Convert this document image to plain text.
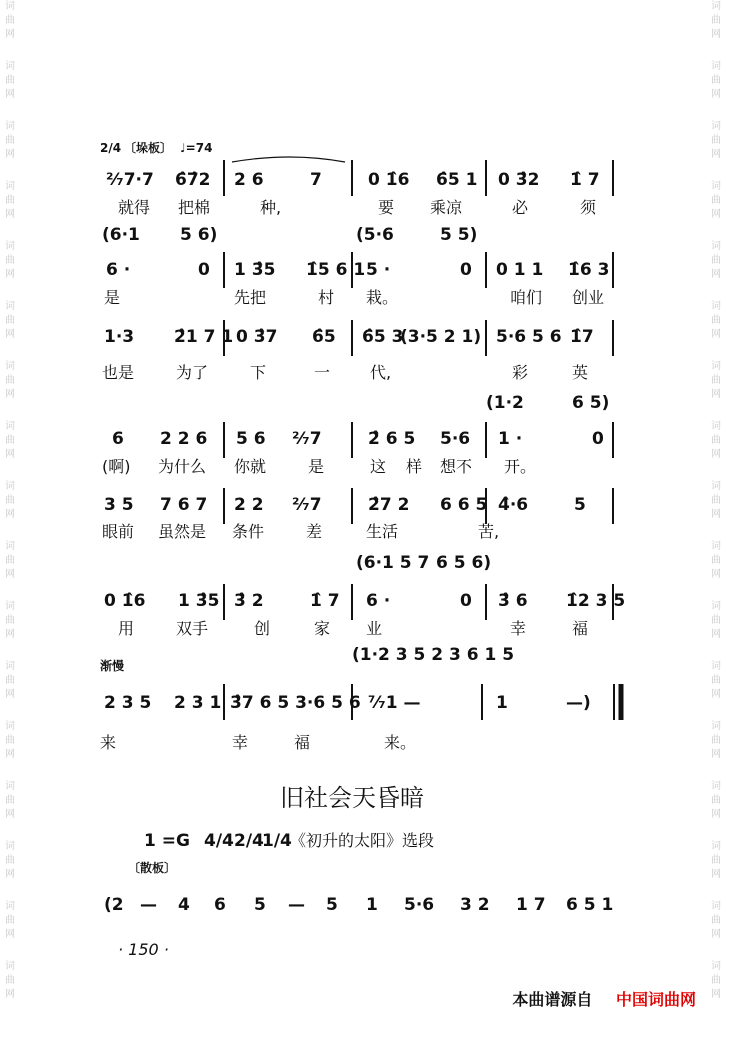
词
曲
网
词
曲
网
词
曲
网
词
曲
网
词
曲
网
词
曲
网
词
曲
网
词
曲
网
词
曲
网
词
曲
网
词
曲
网
词
曲
网
词
曲
网
词
曲
网
词
曲
网
词
曲
网
词
曲
网
词
曲
网
词
曲
网
词
曲
网
词
曲
网
词
曲
网
词
曲
网
词
曲
网
词
曲
网
词
曲
网
词
曲
网
词
曲
网
词
曲
网
词
曲
网
词
曲
网
词
曲
网
词
曲
网
词
曲
网
2/4 〔垛板〕 ♩=74
²⁄₇7·7 6̂7̂2 2 6	7	0 1̂6 6̂5 1 0 3̂2 1̂ 7
就得 把棉	种,	要 乘凉	必	须
(6·1 5 6)	(5·6	5 5)
6 ·	0 1 3̂5 1̂5 6 1 5 ·	0 0 1 1 1̂6 3
是	先把	村 栽。	咱们 创业
1·3 2̂1 7 1 0 3̂7 6̂5 6̂5 3
(3·5 2 1) 5·6 5 6 1̂7
也是	为了	下	一 代,	彩	英
(1·2	6 5)
6 2 2 6 5 6 ²⁄₇7	2̂ 6 5 5·6 1 ·	0
(啊) 为什么 你就	是	这 样 想不 开。
3 5 7 6 7 2 2 ²⁄₇7	2̂7 2 6 6 5 4̂·6	5
眼前 虽然是 条件	差	生活	苦,
(6·1 5 7 6 5 6)
0 1̂6 1 3̂5 3̂ 2	1̂ 7 6 ·	0 3̂ 6 1̂2 3 5
用	双手	创	家 业	幸	福
渐慢
(1·2 3 5 2 3 6 1 5
2 3 5 2 3 1 3̂7 6 5 3·6 5 6 ⁷⁄₇1 —	1	—)
来	幸	福	来。
旧社会天昏暗
1 =G 4/4 2/4
1/4
《初升的太阳》选段
〔散板〕
(2 — 4 6 5 — 5 1 5·6 3 2 1 7 6 5 1
· 150 ·
本曲谱源自 中国词曲网
